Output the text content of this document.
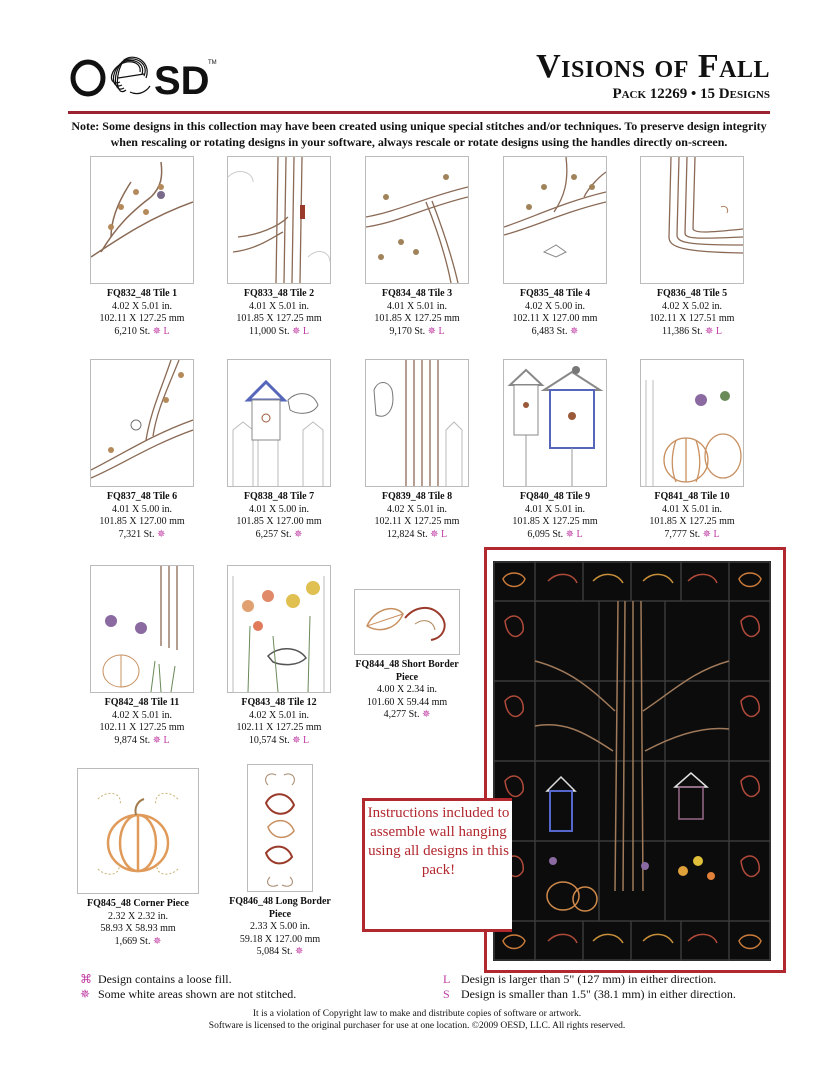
SD
TM	Visions of Fall
Pack 12269 • 15 Designs
Note: Some designs in this collection may have been created using unique special stitches and/or techniques. To preserve design integrity when rescaling or rotating designs in your software, always rescale or rotate designs using the handles directly on-screen.
FQ832_48 Tile 1
4.02 X 5.01 in.
102.11 X 127.25 mm
6,210 St. ✵ L
FQ833_48 Tile 2
4.01 X 5.01 in.
101.85 X 127.25 mm
11,000 St. ✵ L
FQ834_48 Tile 3
4.01 X 5.01 in.
101.85 X 127.25 mm
9,170 St. ✵ L
FQ835_48 Tile 4
4.02 X 5.00 in.
102.11 X 127.00 mm
6,483 St. ✵
FQ836_48 Tile 5
4.02 X 5.02 in.
102.11 X 127.51 mm
11,386 St. ✵ L
FQ837_48 Tile 6
4.01 X 5.00 in.
101.85 X 127.00 mm
7,321 St. ✵
FQ838_48 Tile 7
4.01 X 5.00 in.
101.85 X 127.00 mm
6,257 St. ✵
FQ839_48 Tile 8
4.02 X 5.01 in.
102.11 X 127.25 mm
12,824 St. ✵ L
FQ840_48 Tile 9
4.01 X 5.01 in.
101.85 X 127.25 mm
6,095 St. ✵ L
FQ841_48 Tile 10
4.01 X 5.01 in.
101.85 X 127.25 mm
7,777 St. ✵ L
FQ842_48 Tile 11
4.02 X 5.01 in.
102.11 X 127.25 mm
9,874 St. ✵ L
FQ843_48 Tile 12
4.02 X 5.01 in.
102.11 X 127.25 mm
10,574 St. ✵ L
FQ844_48 Short Border Piece
4.00 X 2.34 in.
101.60 X 59.44 mm
4,277 St. ✵
FQ845_48 Corner Piece
2.32 X 2.32 in.
58.93 X 58.93 mm
1,669 St. ✵
FQ846_48 Long Border Piece
2.33 X 5.00 in.
59.18 X 127.00 mm
5,084 St. ✵
Instructions included to assemble wall hanging using all designs in this pack!
⌘ Design contains a loose fill.
✵ Some white areas shown are not stitched.
L Design is larger than 5" (127 mm) in either direction.
S Design is smaller than 1.5" (38.1 mm) in either direction.
It is a violation of Copyright law to make and distribute copies of software or artwork.
Software is licensed to the original purchaser for use at one location. ©2009 OESD, LLC. All rights reserved.
